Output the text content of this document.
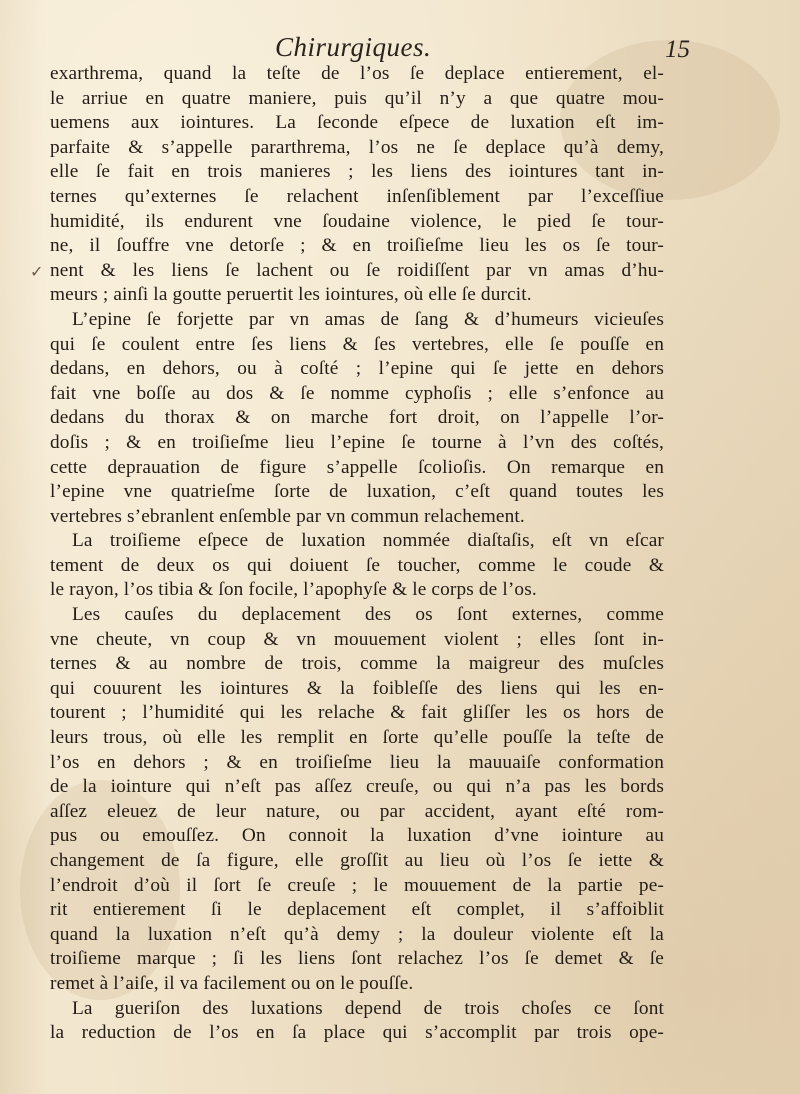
Chirurgiques.	15
✓
exarthrema, quand la teſte de l’os ſe deplace entierement, el-
le arriue en quatre maniere, puis qu’il n’y a que quatre mou-
uemens aux iointures. La ſeconde eſpece de luxation eſt im-
parfaite & s’appelle pararthrema, l’os ne ſe deplace qu’à demy,
elle ſe fait en trois manieres ; les liens des iointures tant in-
ternes qu’externes ſe relachent inſenſiblement par l’exceſſiue
humidité, ils endurent vne ſoudaine violence, le pied ſe tour-
ne, il ſouffre vne detorſe ; & en troiſieſme lieu les os ſe tour-
nent & les liens ſe lachent ou ſe roidiſſent par vn amas d’hu-
meurs ; ainſi la goutte peruertit les iointures, où elle ſe durcit.
L’epine ſe forjette par vn amas de ſang & d’humeurs vicieuſes
qui ſe coulent entre ſes liens & ſes vertebres, elle ſe pouſſe en
dedans, en dehors, ou à coſté ; l’epine qui ſe jette en dehors
fait vne boſſe au dos & ſe nomme cyphoſis ; elle s’enfonce au
dedans du thorax & on marche fort droit, on l’appelle l’or-
doſis ; & en troiſieſme lieu l’epine ſe tourne à l’vn des coſtés,
cette deprauation de figure s’appelle ſcolioſis. On remarque en
l’epine vne quatrieſme ſorte de luxation, c’eſt quand toutes les
vertebres s’ebranlent enſemble par vn commun relachement.
La troiſieme eſpece de luxation nommée diaſtaſis, eſt vn eſcar
tement de deux os qui doiuent ſe toucher, comme le coude &
le rayon, l’os tibia & ſon focile, l’apophyſe & le corps de l’os.
Les cauſes du deplacement des os ſont externes, comme
vne cheute, vn coup & vn mouuement violent ; elles ſont in-
ternes & au nombre de trois, comme la maigreur des muſcles
qui couurent les iointures & la foibleſſe des liens qui les en-
tourent ; l’humidité qui les relache & fait gliſſer les os hors de
leurs trous, où elle les remplit en ſorte qu’elle pouſſe la teſte de
l’os en dehors ; & en troiſieſme lieu la mauuaiſe conformation
de la iointure qui n’eſt pas aſſez creuſe, ou qui n’a pas les bords
aſſez eleuez de leur nature, ou par accident, ayant eſté rom-
pus ou emouſſez. On connoit la luxation d’vne iointure au
changement de ſa figure, elle groſſit au lieu où l’os ſe iette &
l’endroit d’où il ſort ſe creuſe ; le mouuement de la partie pe-
rit entierement ſi le deplacement eſt complet, il s’affoiblit
quand la luxation n’eſt qu’à demy ; la douleur violente eſt la
troiſieme marque ; ſi les liens ſont relachez l’os ſe demet & ſe
remet à l’aiſe, il va facilement ou on le pouſſe.
La gueriſon des luxations depend de trois choſes ce ſont
la reduction de l’os en ſa place qui s’accomplit par trois ope-
